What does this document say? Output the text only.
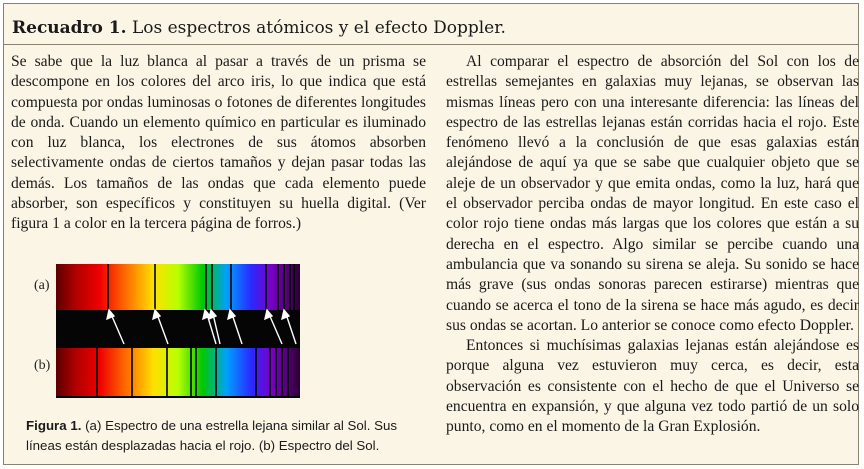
Recuadro 1. Los espectros atómicos y el efecto Doppler.

Se sabe que la luz blanca al pasar a través de un prisma se descompone en los colores del arco iris, lo que indica que está compuesta por ondas luminosas o fotones de diferentes longitudes de onda. Cuando un elemento químico en particular es iluminado con luz blanca, los electrones de sus átomos absorben selectivamente ondas de ciertos tamaños y dejan pasar todas las demás. Los tamaños de las ondas que cada elemento puede absorber, son específicos y constituyen su huella digital. (Ver figura 1 a color en la tercera página de forros.)

Al comparar el espectro de absorción del Sol con los de estrellas semejantes en galaxias muy lejanas, se observan las mismas líneas pero con una interesante diferencia: las líneas del espectro de las estrellas lejanas están corridas hacia el rojo. Este fenómeno llevó a la conclusión de que esas galaxias están alejándose de aquí ya que se sabe que cualquier objeto que se aleje de un observador y que emita ondas, como la luz, hará que el observador perciba ondas de mayor longitud. En este caso el color rojo tiene ondas más largas que los colores que están a su derecha en el espectro. Algo similar se percibe cuando una ambulancia que va sonando su sirena se aleja. Su sonido se hace más grave (sus ondas sonoras parecen estirarse) mientras que cuando se acerca el tono de la sirena se hace más agudo, es decir sus ondas se acortan. Lo anterior se conoce como efecto Doppler.

Entonces si muchísimas galaxias lejanas están alejándose es porque alguna vez estuvieron muy cerca, es decir, esta observación es consistente con el hecho de que el Universo se encuentra en expansión, y que alguna vez todo partió de un solo punto, como en el momento de la Gran Explosión.

(a)
(b)
Figura 1. (a) Espectro de una estrella lejana similar al Sol. Sus líneas están desplazadas hacia el rojo. (b) Espectro del Sol.
